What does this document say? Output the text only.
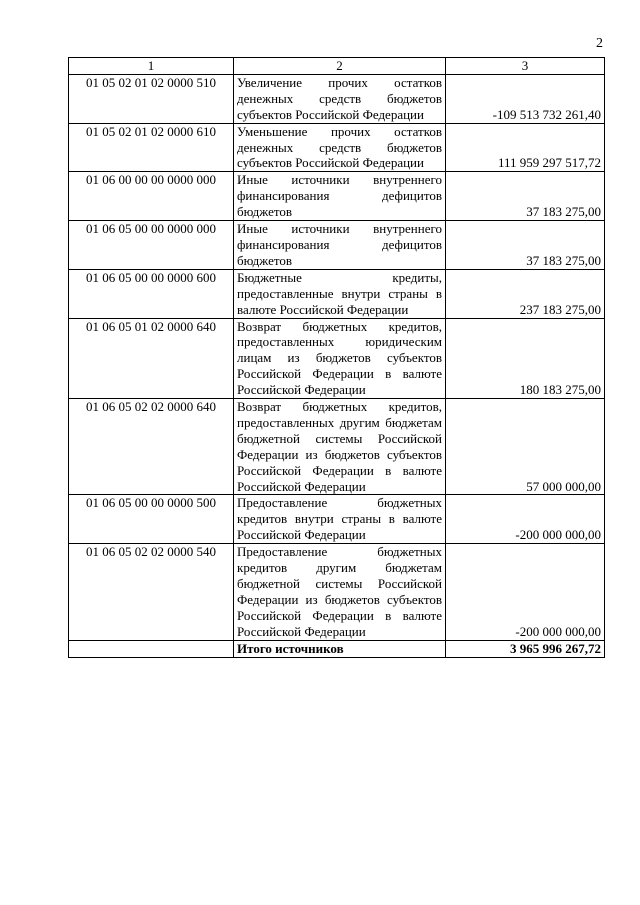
2
1	2	3
01 05 02 01 02 0000 510	Увеличение прочих остатков денежных средств бюджетов субъектов Российской Федерации	-109 513 732 261,40
01 05 02 01 02 0000 610	Уменьшение прочих остатков денежных средств бюджетов субъектов Российской Федерации	111 959 297 517,72
01 06 00 00 00 0000 000	Иные источники внутреннего финансирования дефицитов бюджетов	37 183 275,00
01 06 05 00 00 0000 000	Иные источники внутреннего финансирования дефицитов бюджетов	37 183 275,00
01 06 05 00 00 0000 600	Бюджетные кредиты, предоставленные внутри страны в валюте Российской Федерации	237 183 275,00
01 06 05 01 02 0000 640	Возврат бюджетных кредитов, предоставленных юридическим лицам из бюджетов субъектов Российской Федерации в валюте Российской Федерации	180 183 275,00
01 06 05 02 02 0000 640	Возврат бюджетных кредитов, предоставленных другим бюджетам бюджетной системы Российской Федерации из бюджетов субъектов Российской Федерации в валюте Российской Федерации	57 000 000,00
01 06 05 00 00 0000 500	Предоставление бюджетных кредитов внутри страны в валюте Российской Федерации	-200 000 000,00
01 06 05 02 02 0000 540	Предоставление бюджетных кредитов другим бюджетам бюджетной системы Российской Федерации из бюджетов субъектов Российской Федерации в валюте Российской Федерации	-200 000 000,00
	Итого источников	3 965 996 267,72
